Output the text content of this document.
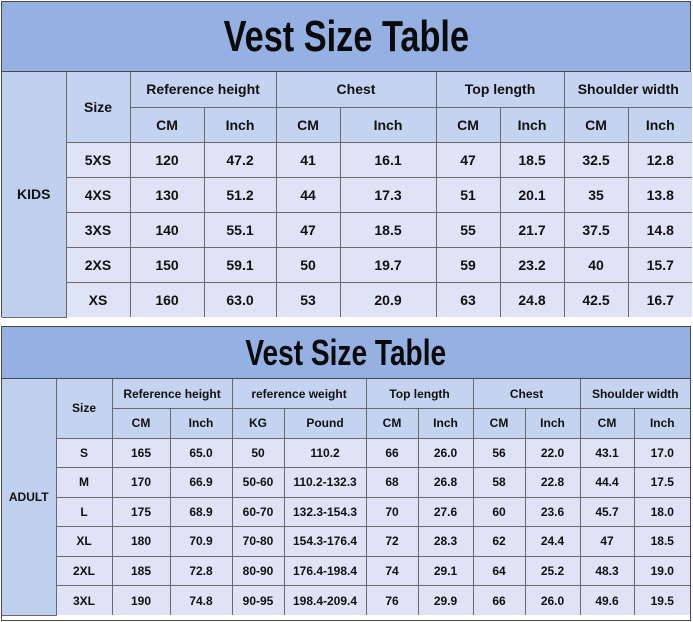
Vest Size Table
KIDS	Size	Reference height		Chest		Top length		Shoulder width	
		CM	Inch	CM	Inch	CM	Inch	CM	Inch
	5XS	120	47.2	41	16.1	47	18.5	32.5	12.8
	4XS	130	51.2	44	17.3	51	20.1	35	13.8
	3XS	140	55.1	47	18.5	55	21.7	37.5	14.8
	2XS	150	59.1	50	19.7	59	23.2	40	15.7
	XS	160	63.0	53	20.9	63	24.8	42.5	16.7
Vest Size Table
ADULT	Size	Reference height		reference weight		Top length		Chest		Shoulder width	
		CM	Inch	KG	Pound	CM	Inch	CM	Inch	CM	Inch
	S	165	65.0	50	110.2	66	26.0	56	22.0	43.1	17.0
	M	170	66.9	50-60	110.2-132.3	68	26.8	58	22.8	44.4	17.5
	L	175	68.9	60-70	132.3-154.3	70	27.6	60	23.6	45.7	18.0
	XL	180	70.9	70-80	154.3-176.4	72	28.3	62	24.4	47	18.5
	2XL	185	72.8	80-90	176.4-198.4	74	29.1	64	25.2	48.3	19.0
	3XL	190	74.8	90-95	198.4-209.4	76	29.9	66	26.0	49.6	19.5
